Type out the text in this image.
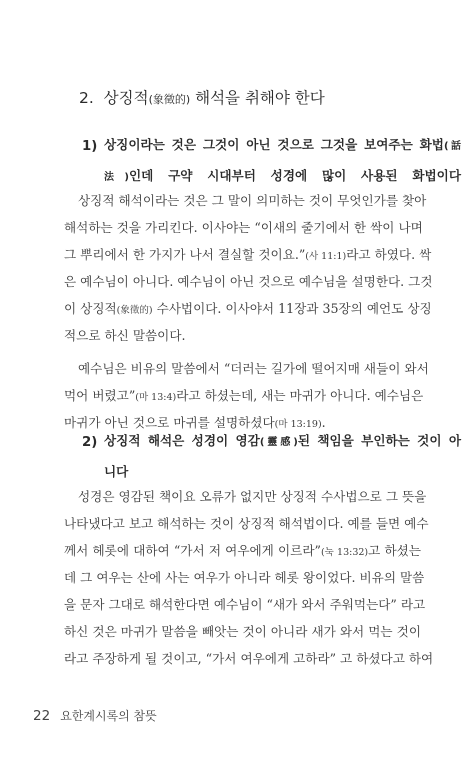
2. 상징적(象徵的) 해석을 취해야 한다
1) 상징이라는 것은 그것이 아닌 것으로 그것을 보여주는 화법(話
法)인데 구약 시대부터 성경에 많이 사용된 화법이다
상징적 해석이라는 것은 그 말이 의미하는 것이 무엇인가를 찾아
해석하는 것을 가리킨다. 이사야는 “이새의 줄기에서 한 싹이 나며
그 뿌리에서 한 가지가 나서 결실할 것이요.”(사 11:1)라고 하였다. 싹
은 예수님이 아니다. 예수님이 아닌 것으로 예수님을 설명한다. 그것
이 상징적(象徵的) 수사법이다. 이사야서 11장과 35장의 예언도 상징
적으로 하신 말씀이다.
예수님은 비유의 말씀에서 “더러는 길가에 떨어지매 새들이 와서
먹어 버렸고”(마 13:4)라고 하셨는데, 새는 마귀가 아니다. 예수님은
마귀가 아닌 것으로 마귀를 설명하셨다(마 13:19).
2) 상징적 해석은 성경이 영감(靈感)된 책임을 부인하는 것이 아
니다
성경은 영감된 책이요 오류가 없지만 상징적 수사법으로 그 뜻을
나타냈다고 보고 해석하는 것이 상징적 해석법이다. 예를 들면 예수
께서 헤롯에 대하여 “가서 저 여우에게 이르라”(눅 13:32)고 하셨는
데 그 여우는 산에 사는 여우가 아니라 헤롯 왕이었다. 비유의 말씀
을 문자 그대로 해석한다면 예수님이 “새가 와서 주워먹는다” 라고
하신 것은 마귀가 말씀을 빼앗는 것이 아니라 새가 와서 먹는 것이
라고 주장하게 될 것이고, “가서 여우에게 고하라” 고 하셨다고 하여
22 요한계시록의 참뜻
